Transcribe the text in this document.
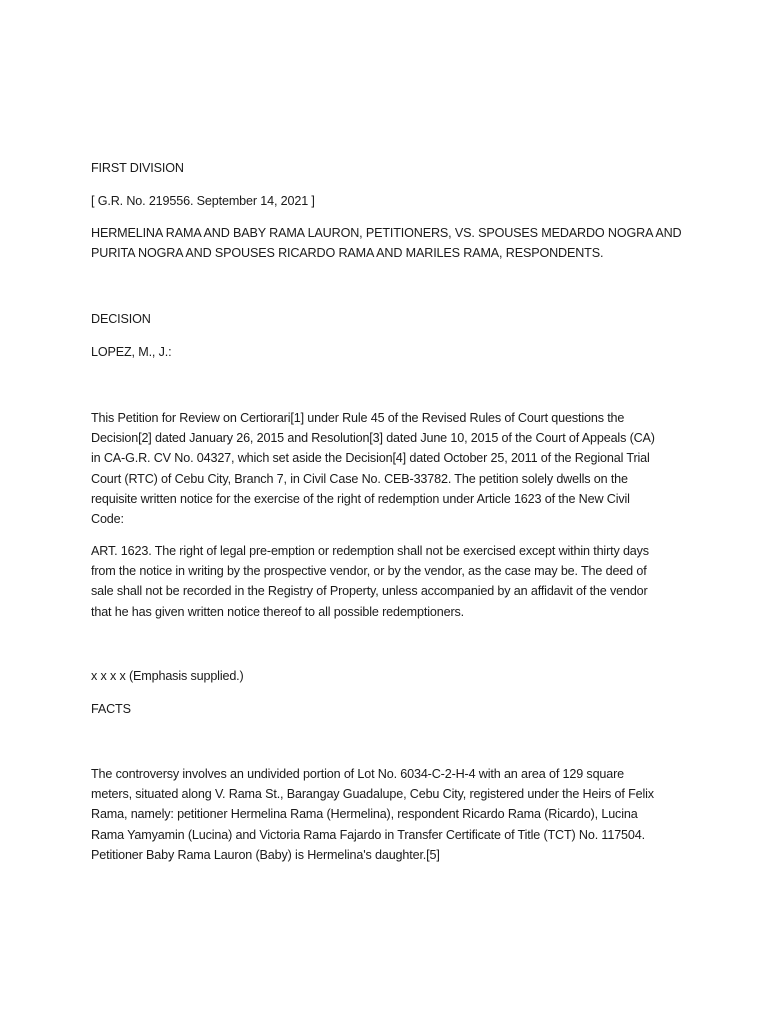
FIRST DIVISION

[ G.R. No. 219556. September 14, 2021 ]

HERMELINA RAMA AND BABY RAMA LAURON, PETITIONERS, VS. SPOUSES MEDARDO NOGRA AND
PURITA NOGRA AND SPOUSES RICARDO RAMA AND MARILES RAMA, RESPONDENTS.

DECISION

LOPEZ, M., J.:

This Petition for Review on Certiorari[1] under Rule 45 of the Revised Rules of Court questions the
Decision[2] dated January 26, 2015 and Resolution[3] dated June 10, 2015 of the Court of Appeals (CA)
in CA-G.R. CV No. 04327, which set aside the Decision[4] dated October 25, 2011 of the Regional Trial
Court (RTC) of Cebu City, Branch 7, in Civil Case No. CEB-33782. The petition solely dwells on the
requisite written notice for the exercise of the right of redemption under Article 1623 of the New Civil
Code:

ART. 1623. The right of legal pre-emption or redemption shall not be exercised except within thirty days
from the notice in writing by the prospective vendor, or by the vendor, as the case may be. The deed of
sale shall not be recorded in the Registry of Property, unless accompanied by an affidavit of the vendor
that he has given written notice thereof to all possible redemptioners.

x x x x (Emphasis supplied.)

FACTS

The controversy involves an undivided portion of Lot No. 6034-C-2-H-4 with an area of 129 square
meters, situated along V. Rama St., Barangay Guadalupe, Cebu City, registered under the Heirs of Felix
Rama, namely: petitioner Hermelina Rama (Hermelina), respondent Ricardo Rama (Ricardo), Lucina
Rama Yamyamin (Lucina) and Victoria Rama Fajardo in Transfer Certificate of Title (TCT) No. 117504.
Petitioner Baby Rama Lauron (Baby) is Hermelina's daughter.[5]
